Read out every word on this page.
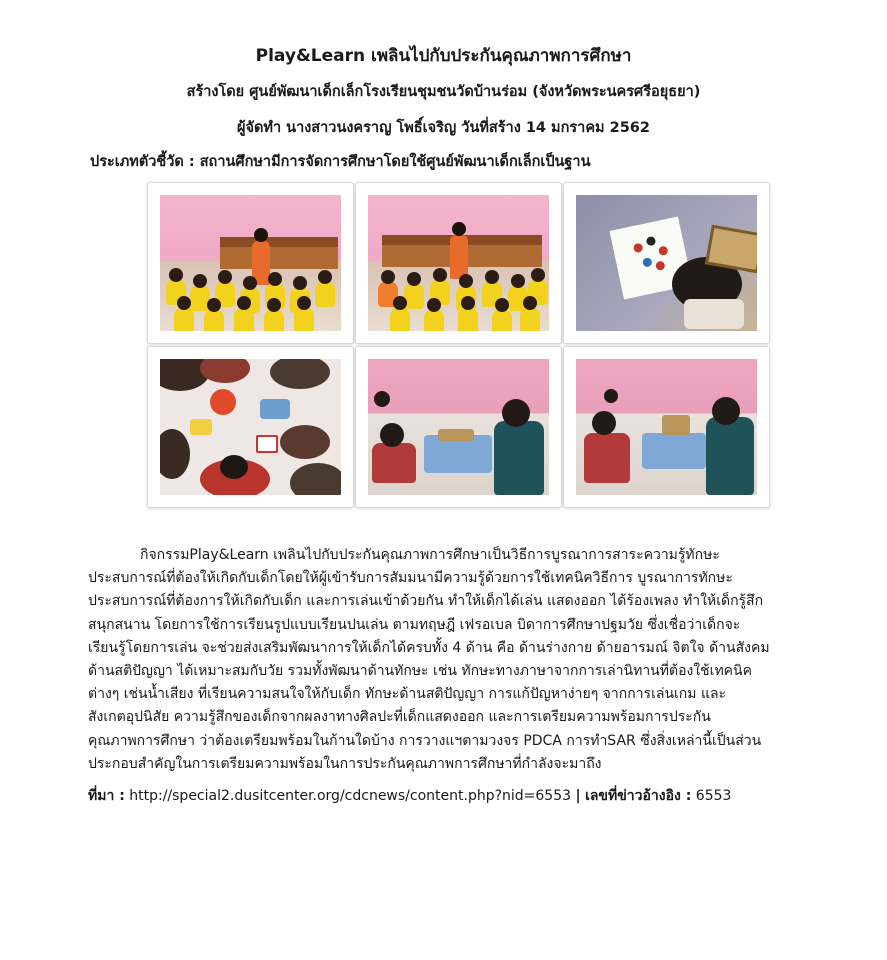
Play&Learn เพลินไปกับประกันคุณภาพการศึกษา
สร้างโดย ศูนย์พัฒนาเด็กเล็กโรงเรียนชุมชนวัดบ้านร่อม (จังหวัดพระนครศรีอยุธยา)
ผู้จัดทำ นางสาวนงคราญ โพธิ์เจริญ วันที่สร้าง 14 มกราคม 2562
ประเภทตัวชี้วัด : สถานศึกษามีการจัดการศึกษาโดยใช้ศูนย์พัฒนาเด็กเล็กเป็นฐาน
กิจกรรมPlay&Learn เพลินไปกับประกันคุณภาพการศึกษาเป็นวิธีการบูรณาการสาระความรู้ทักษะ
ประสบการณ์ที่ต้องให้เกิดกับเด็กโดยให้ผู้เข้ารับการสัมมนามีความรู้ด้วยการใช้เทคนิควิธีการ บูรณาการทักษะ
ประสบการณ์ที่ต้องการให้เกิดกับเด็ก และการเล่นเข้าด้วยกัน ทำให้เด็กได้เล่น แสดงออก ได้ร้องเพลง ทำให้เด็กรู้สึก
สนุกสนาน โดยการใช้การเรียนรูปแบบเรียนปนเล่น ตามทฤษฎี เฟรอเบล บิดาการศึกษาปฐมวัย ซึ่งเชื่อว่าเด็กจะ
เรียนรู้โดยการเล่น จะช่วยส่งเสริมพัฒนาการให้เด็กได้ครบทั้ง 4 ด้าน คือ ด้านร่างกาย ด้ายอารมณ์ จิตใจ ด้านสังคม
ด้านสติปัญญา ได้เหมาะสมกับวัย รวมทั้งพัฒนาด้านทักษะ เช่น ทักษะทางภาษาจากการเล่านิทานที่ต้องใช้เทคนิค
ต่างๆ เช่นน้ำเสียง ที่เรียนความสนใจให้กับเด็ก ทักษะด้านสติปัญญา การแก้ปัญหาง่ายๆ จากการเล่นเกม และ
สังเกตอุปนิสัย ความรู้สึกของเด็กจากผลงาทางศิลปะที่เด็กแสดงออก และการเตรียมความพร้อมการประกัน
คุณภาพการศึกษา ว่าต้องเตรียมพร้อมในก้านใดบ้าง การวางแฯตามวงจร PDCA การทำSAR ซึ่งสิ่งเหล่านี้เป็นส่วน
ประกอบสำคัญในการเตรียมความพร้อมในการประกันคุณภาพการศึกษาที่กำลังจะมาถึง
ที่มา : http://special2.dusitcenter.org/cdcnews/content.php?nid=6553 | เลขที่ข่าวอ้างอิง : 6553
